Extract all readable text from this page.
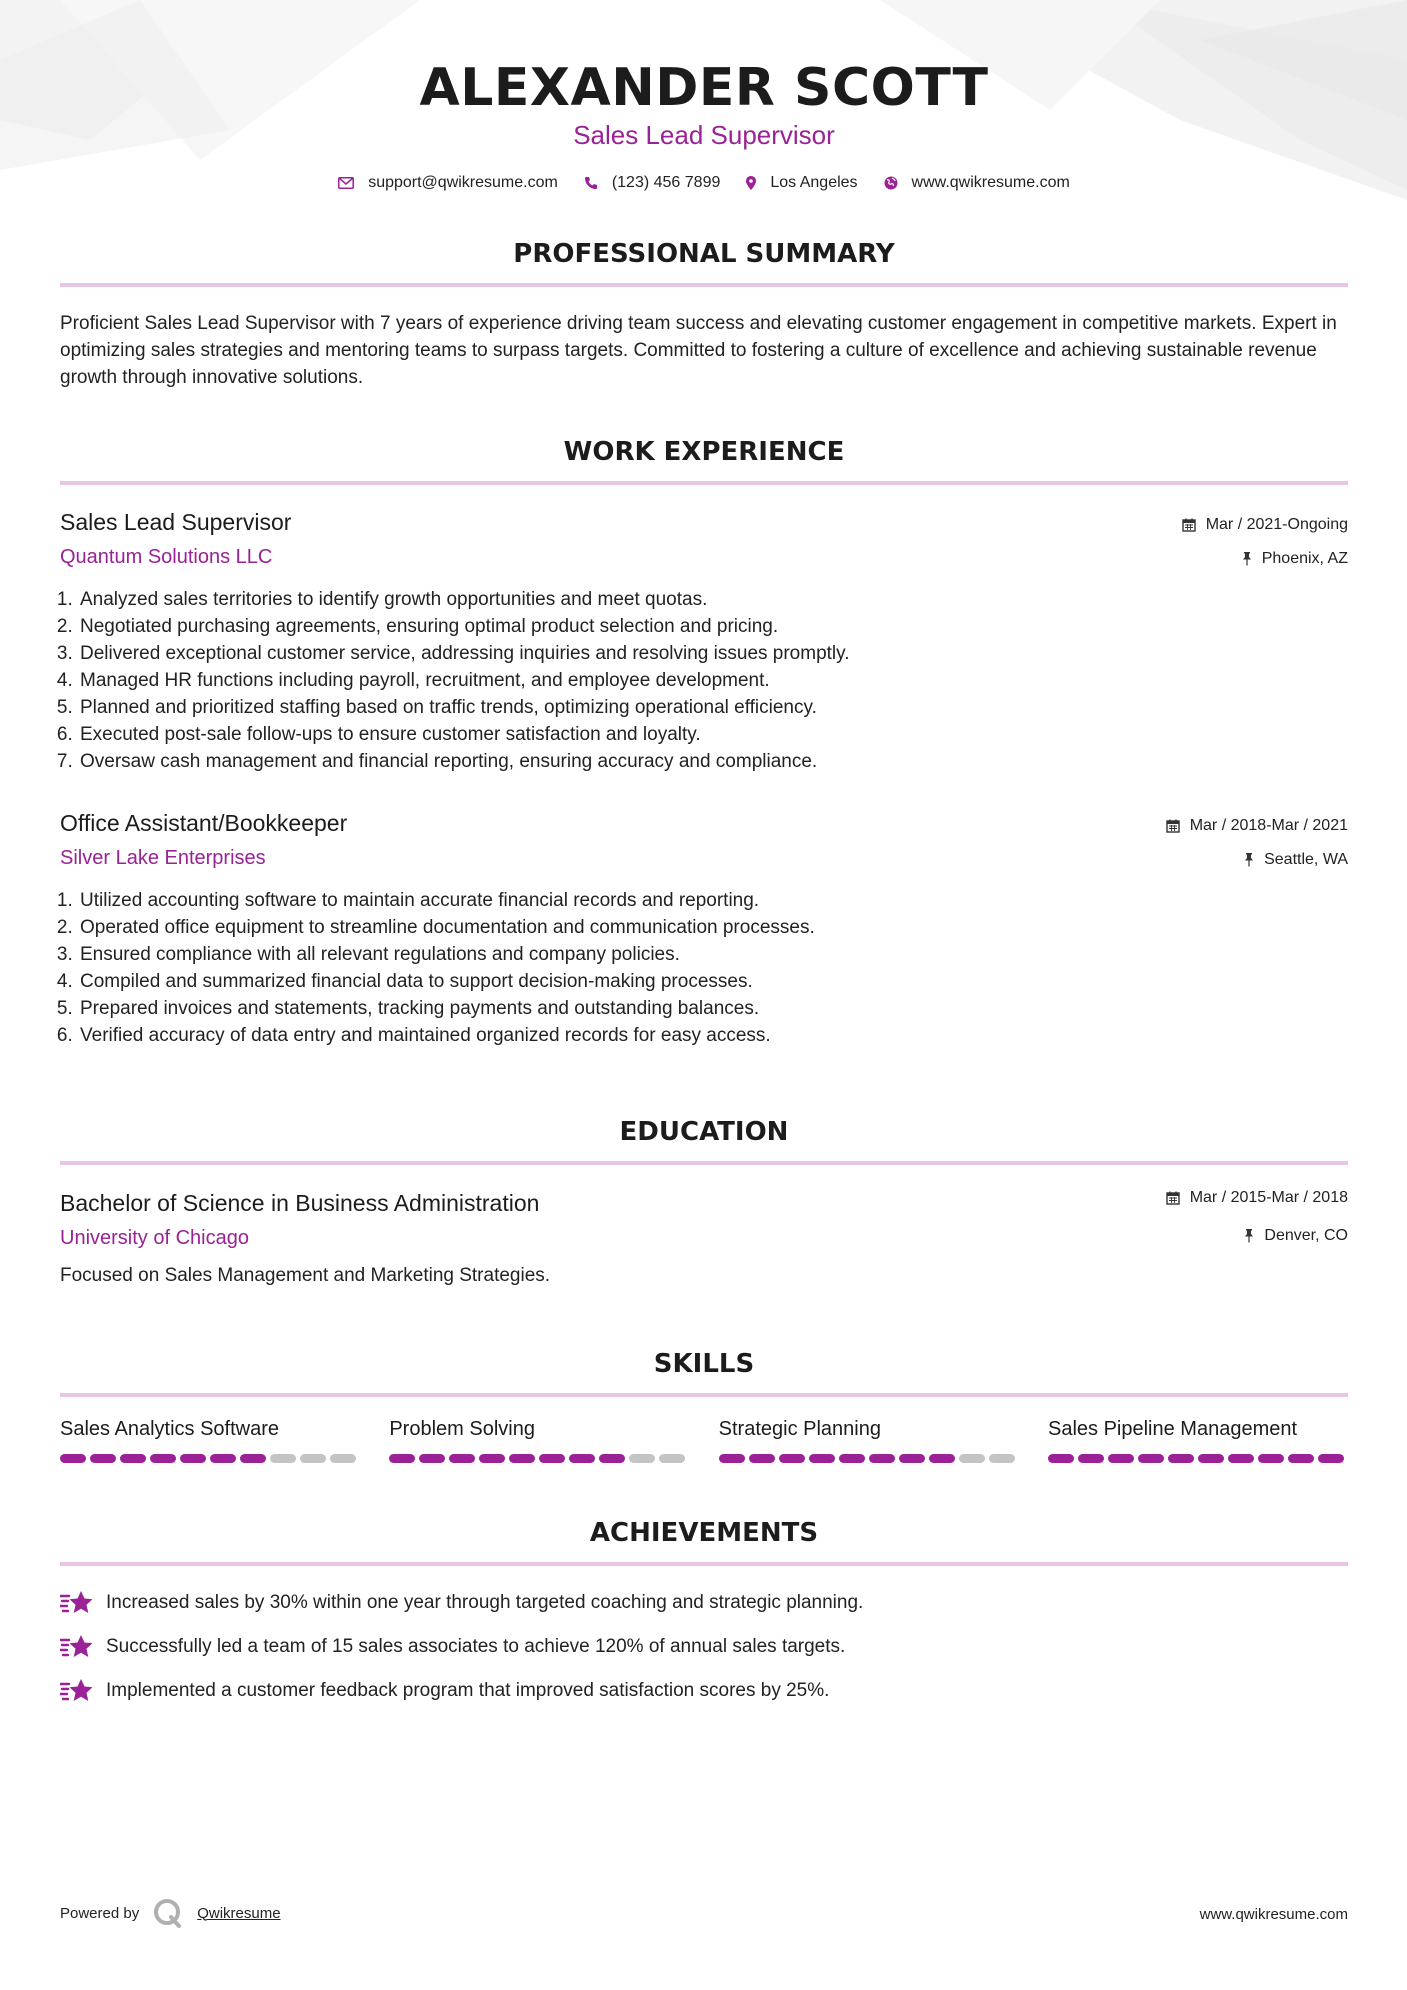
ALEXANDER SCOTT
Sales Lead Supervisor
support@qwikresume.com	(123) 456 7899	Los Angeles	www.qwikresume.com
PROFESSIONAL SUMMARY
Proficient Sales Lead Supervisor with 7 years of experience driving team success and elevating customer engagement in competitive markets. Expert in optimizing sales strategies and mentoring teams to surpass targets. Committed to fostering a culture of excellence and achieving sustainable revenue growth through innovative solutions.
WORK EXPERIENCE
Sales Lead Supervisor
Quantum Solutions LLC
Mar / 2021-Ongoing
Phoenix, AZ
1. Analyzed sales territories to identify growth opportunities and meet quotas.
2. Negotiated purchasing agreements, ensuring optimal product selection and pricing.
3. Delivered exceptional customer service, addressing inquiries and resolving issues promptly.
4. Managed HR functions including payroll, recruitment, and employee development.
5. Planned and prioritized staffing based on traffic trends, optimizing operational efficiency.
6. Executed post-sale follow-ups to ensure customer satisfaction and loyalty.
7. Oversaw cash management and financial reporting, ensuring accuracy and compliance.
Office Assistant/Bookkeeper
Silver Lake Enterprises
Mar / 2018-Mar / 2021
Seattle, WA
1. Utilized accounting software to maintain accurate financial records and reporting.
2. Operated office equipment to streamline documentation and communication processes.
3. Ensured compliance with all relevant regulations and company policies.
4. Compiled and summarized financial data to support decision-making processes.
5. Prepared invoices and statements, tracking payments and outstanding balances.
6. Verified accuracy of data entry and maintained organized records for easy access.
EDUCATION
Bachelor of Science in Business Administration
University of Chicago
Mar / 2015-Mar / 2018
Denver, CO
Focused on Sales Management and Marketing Strategies.
SKILLS
Sales Analytics Software	Problem Solving	Strategic Planning	Sales Pipeline Management
ACHIEVEMENTS
Increased sales by 30% within one year through targeted coaching and strategic planning.
Successfully led a team of 15 sales associates to achieve 120% of annual sales targets.
Implemented a customer feedback program that improved satisfaction scores by 25%.
Powered by	Qwikresume	www.qwikresume.com
